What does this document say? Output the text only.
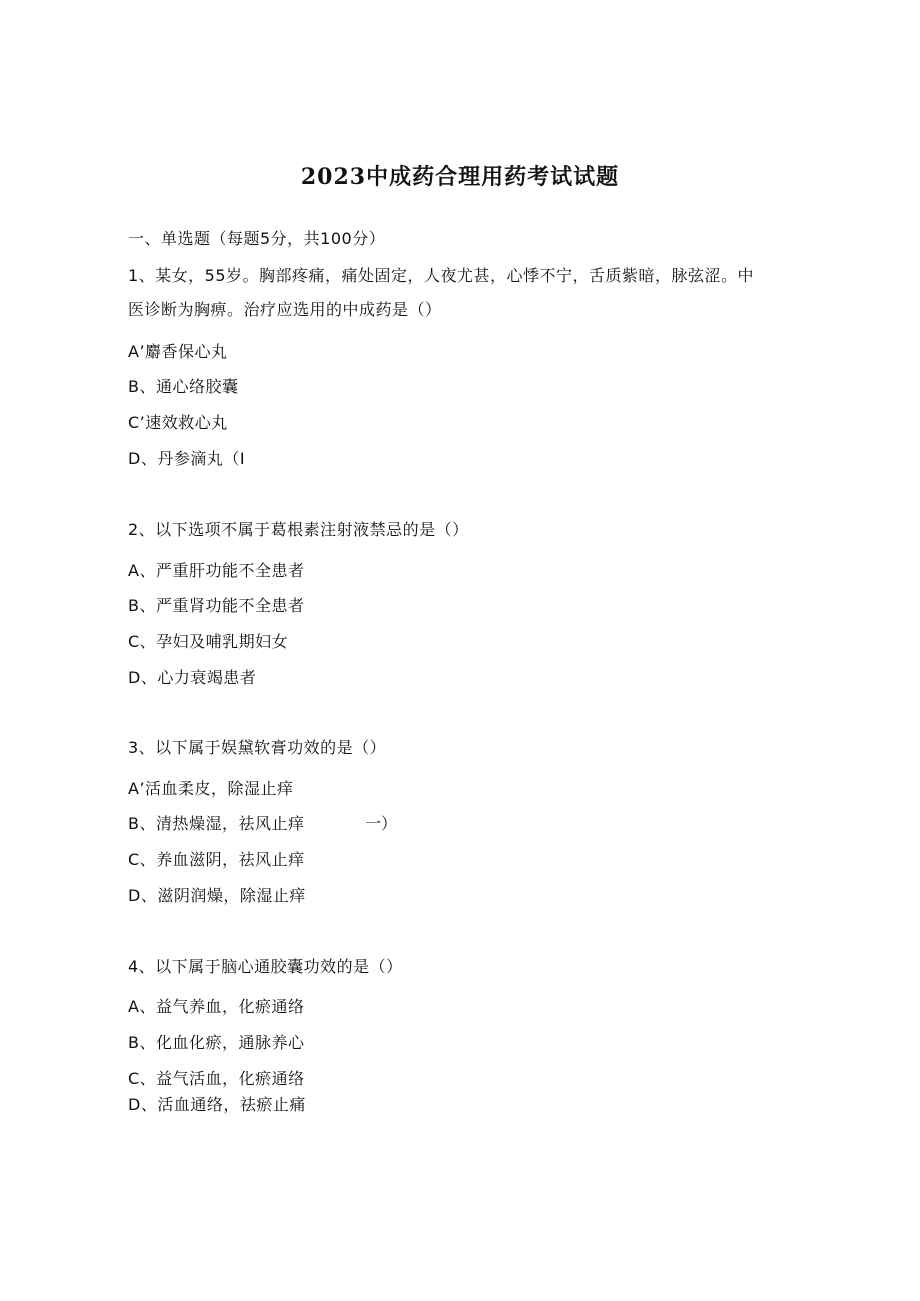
2023中成药合理用药考试试题
一、单选题（每题5分，共100分）
1、某女，55岁。胸部疼痛，痛处固定，人夜尤甚，心悸不宁，舌质紫暗，脉弦涩。中
医诊断为胸痹。治疗应选用的中成药是（）
A’麝香保心丸
B、通心络胶囊
C’速效救心丸
D、丹参滴丸（I
2、以下选项不属于葛根素注射液禁忌的是（）
A、严重肝功能不全患者
B、严重肾功能不全患者
C、孕妇及哺乳期妇女
D、心力衰竭患者
3、以下属于娱黛软膏功效的是（）
A’活血柔皮，除湿止痒
B、清热燥湿，祛风止痒	一）
C、养血滋阴，祛风止痒
D、滋阴润燥，除湿止痒
4、以下属于脑心通胶囊功效的是（）
A、益气养血，化瘀通络
B、化血化瘀，通脉养心
C、益气活血，化瘀通络
D、活血通络，祛瘀止痛
